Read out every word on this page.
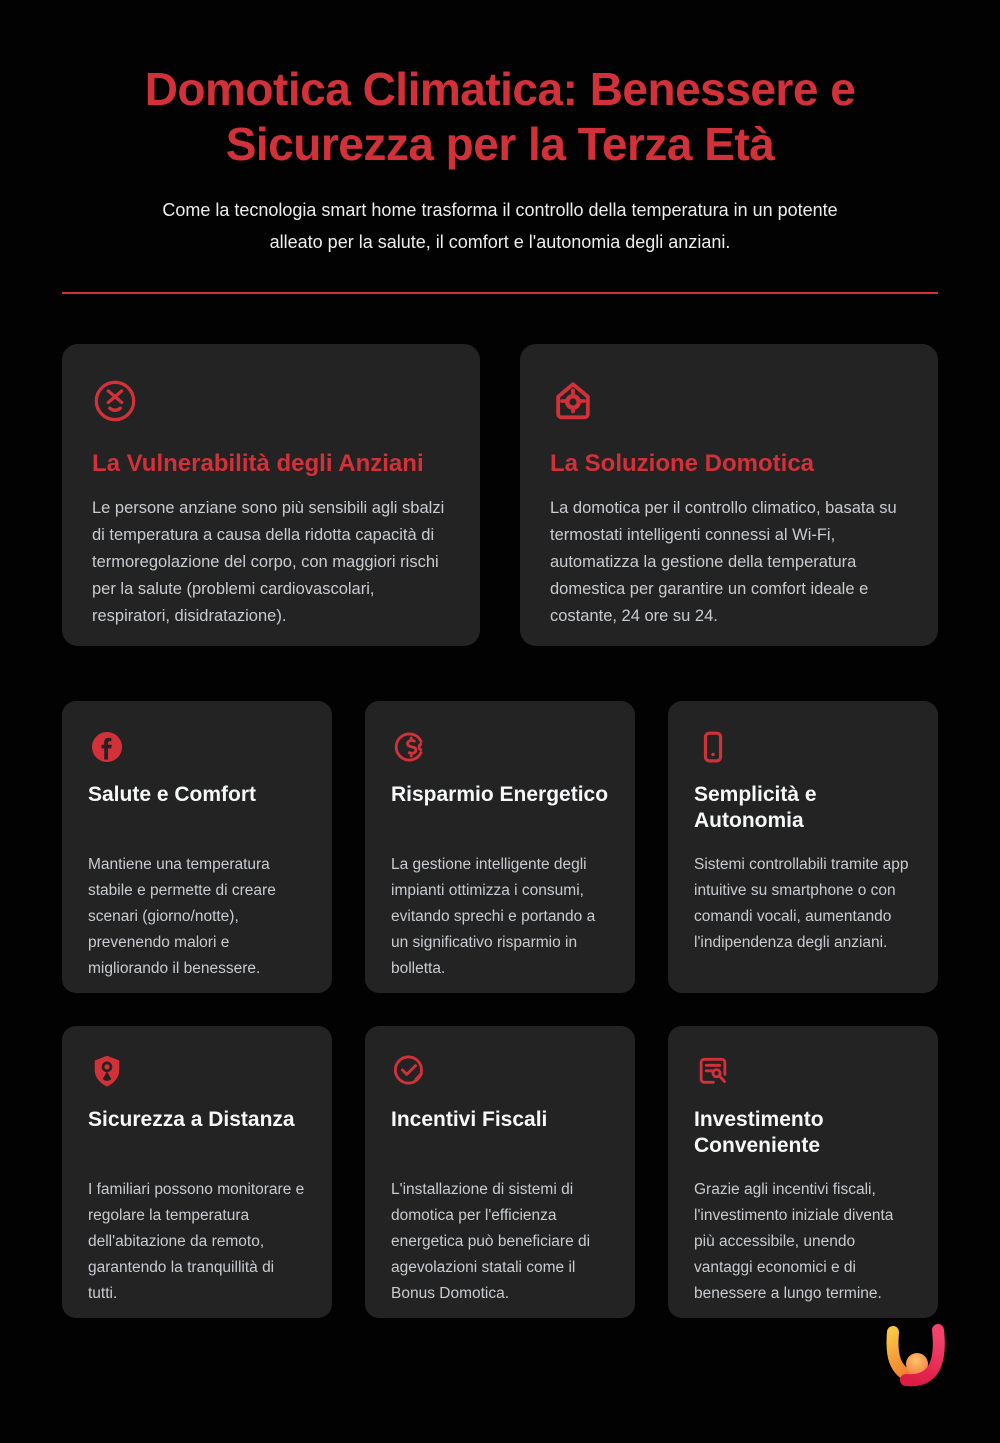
Domotica Climatica: Benessere e
Sicurezza per la Terza Età

Come la tecnologia smart home trasforma il controllo della temperatura in un potente alleato per la salute, il comfort e l'autonomia degli anziani.

La Vulnerabilità degli Anziani

Le persone anziane sono più sensibili agli sbalzi di temperatura a causa della ridotta capacità di termoregolazione del corpo, con maggiori rischi per la salute (problemi cardiovascolari, respiratori, disidratazione).

La Soluzione Domotica

La domotica per il controllo climatico, basata su termostati intelligenti connessi al Wi-Fi, automatizza la gestione della temperatura domestica per garantire un comfort ideale e costante, 24 ore su 24.

Salute e Comfort

Mantiene una temperatura stabile e permette di creare scenari (giorno/notte), prevenendo malori e migliorando il benessere.

Risparmio Energetico

La gestione intelligente degli impianti ottimizza i consumi, evitando sprechi e portando a un significativo risparmio in bolletta.

Semplicità e Autonomia

Sistemi controllabili tramite app intuitive su smartphone o con comandi vocali, aumentando l'indipendenza degli anziani.

Sicurezza a Distanza

I familiari possono monitorare e regolare la temperatura dell'abitazione da remoto, garantendo la tranquillità di tutti.

Incentivi Fiscali

L'installazione di sistemi di domotica per l'efficienza energetica può beneficiare di agevolazioni statali come il Bonus Domotica.

Investimento Conveniente

Grazie agli incentivi fiscali, l'investimento iniziale diventa più accessibile, unendo vantaggi economici e di benessere a lungo termine.
